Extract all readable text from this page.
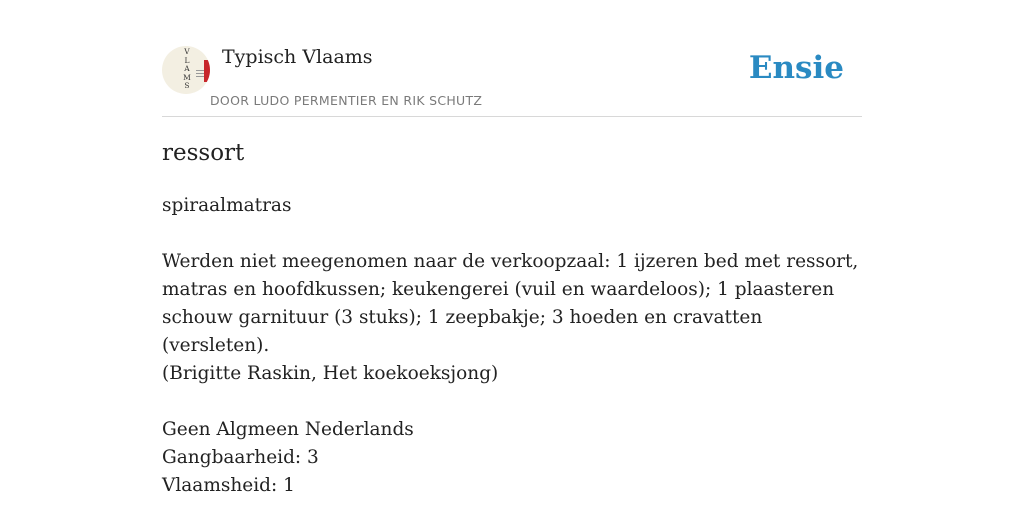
V
L
A
M
S
Typisch Vlaams
DOOR LUDO PERMENTIER EN RIK SCHUTZ
Ensie
ressort

spiraalmatras

Werden niet meegenomen naar de verkoopzaal: 1 ijzeren bed met ressort, matras en hoofdkussen; keukengerei (vuil en waardeloos); 1 plaasteren schouw garnituur (3 stuks); 1 zeepbakje; 3 hoeden en cravatten (versleten).

(Brigitte Raskin, Het koekoeksjong)

Geen Algmeen Nederlands

Gangbaarheid: 3

Vlaamsheid: 1
